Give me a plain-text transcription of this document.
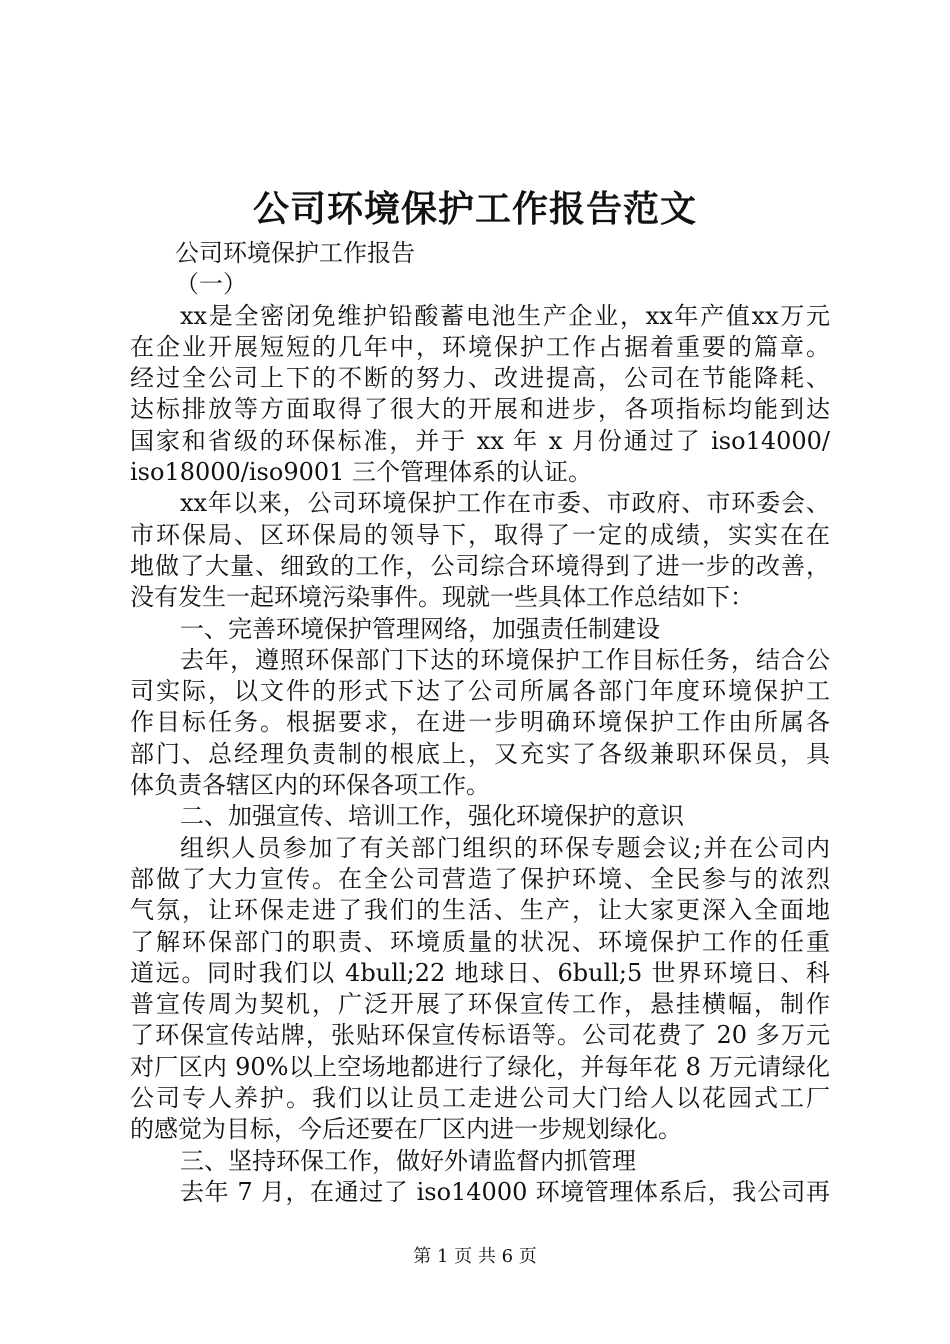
公司环境保护工作报告范文
公司环境保护工作报告
（一）
xx是全密闭免维护铅酸蓄电池生产企业，xx年产值xx万元
在企业开展短短的几年中，环境保护工作占据着重要的篇章。
经过全公司上下的不断的努力、改进提高，公司在节能降耗、
达标排放等方面取得了很大的开展和进步，各项指标均能到达
国家和省级的环保标准，并于 xx 年 x 月份通过了 iso14000/
iso18000/iso9001 三个管理体系的认证。
xx年以来，公司环境保护工作在市委、市政府、市环委会、
市环保局、区环保局的领导下，取得了一定的成绩，实实在在
地做了大量、细致的工作，公司综合环境得到了进一步的改善，
没有发生一起环境污染事件。现就一些具体工作总结如下：
一、完善环境保护管理网络，加强责任制建设
去年，遵照环保部门下达的环境保护工作目标任务，结合公
司实际，以文件的形式下达了公司所属各部门年度环境保护工
作目标任务。根据要求，在进一步明确环境保护工作由所属各
部门、总经理负责制的根底上，又充实了各级兼职环保员，具
体负责各辖区内的环保各项工作。
二、加强宣传、培训工作，强化环境保护的意识
组织人员参加了有关部门组织的环保专题会议;并在公司内
部做了大力宣传。在全公司营造了保护环境、全民参与的浓烈
气氛，让环保走进了我们的生活、生产，让大家更深入全面地
了解环保部门的职责、环境质量的状况、环境保护工作的任重
道远。同时我们以 4bull;22 地球日、6bull;5 世界环境日、科
普宣传周为契机，广泛开展了环保宣传工作，悬挂横幅，制作
了环保宣传站牌，张贴环保宣传标语等。公司花费了 20 多万元
对厂区内 90%以上空场地都进行了绿化，并每年花 8 万元请绿化
公司专人养护。我们以让员工走进公司大门给人以花园式工厂
的感觉为目标，今后还要在厂区内进一步规划绿化。
三、坚持环保工作，做好外请监督内抓管理
去年 7 月，在通过了 iso14000 环境管理体系后，我公司再
第 1 页 共 6 页
